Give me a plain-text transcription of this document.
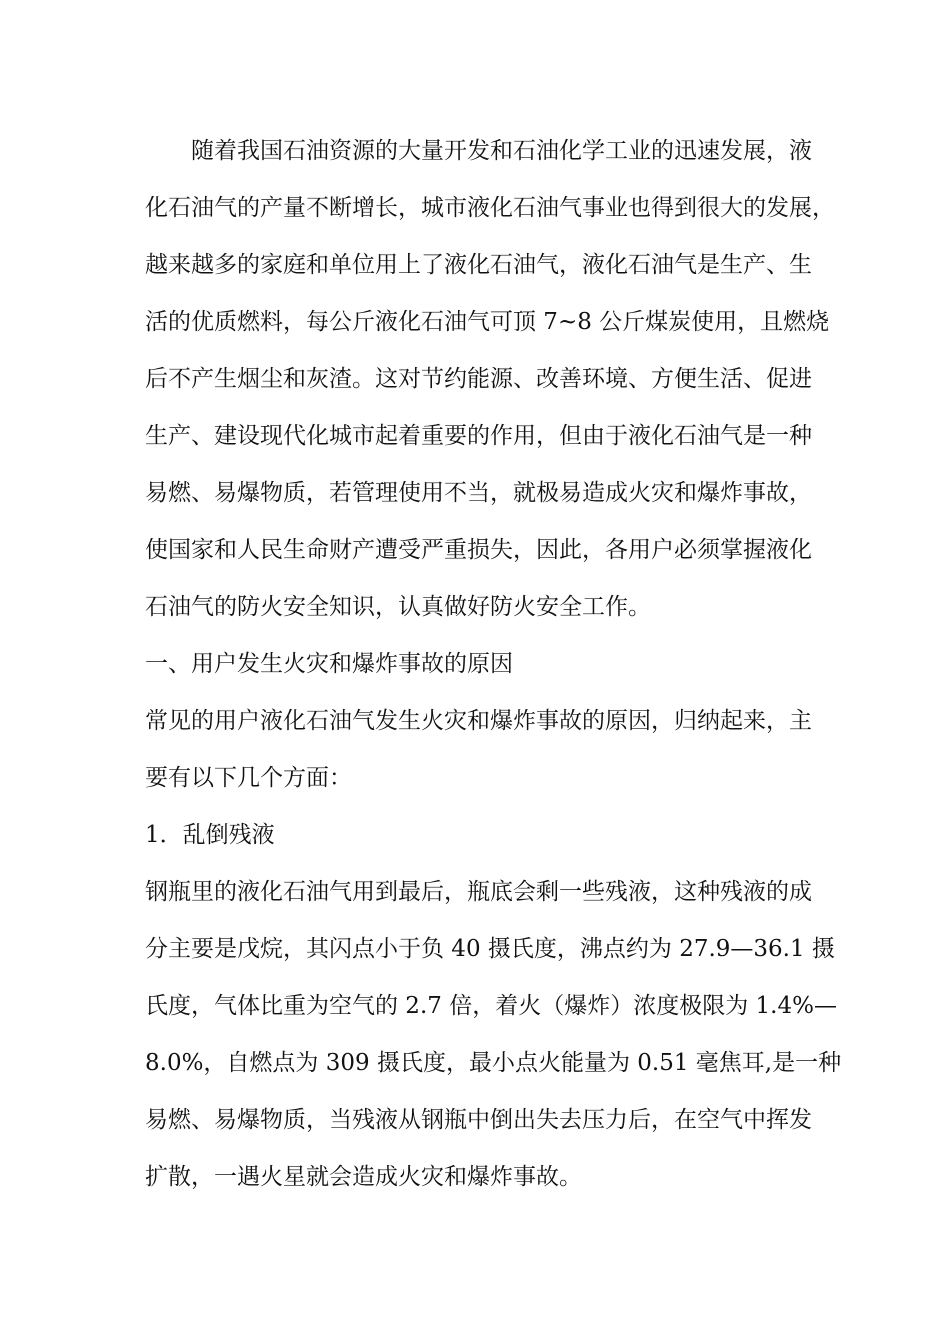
随着我国石油资源的大量开发和石油化学工业的迅速发展，液
化石油气的产量不断增长，城市液化石油气事业也得到很大的发展，
越来越多的家庭和单位用上了液化石油气，液化石油气是生产、生
活的优质燃料，每公斤液化石油气可顶 7~8 公斤煤炭使用，且燃烧
后不产生烟尘和灰渣。这对节约能源、改善环境、方便生活、促进
生产、建设现代化城市起着重要的作用，但由于液化石油气是一种
易燃、易爆物质，若管理使用不当，就极易造成火灾和爆炸事故，
使国家和人民生命财产遭受严重损失，因此，各用户必须掌握液化
石油气的防火安全知识，认真做好防火安全工作。
一、用户发生火灾和爆炸事故的原因
常见的用户液化石油气发生火灾和爆炸事故的原因，归纳起来，主
要有以下几个方面：
1．乱倒残液
钢瓶里的液化石油气用到最后，瓶底会剩一些残液，这种残液的成
分主要是戊烷，其闪点小于负 40 摄氏度，沸点约为 27.9—36.1 摄
氏度，气体比重为空气的 2.7 倍，着火（爆炸）浓度极限为 1.4%—
8.0%，自燃点为 309 摄氏度，最小点火能量为 0.51 毫焦耳,是一种
易燃、易爆物质，当残液从钢瓶中倒出失去压力后，在空气中挥发
扩散，一遇火星就会造成火灾和爆炸事故。
